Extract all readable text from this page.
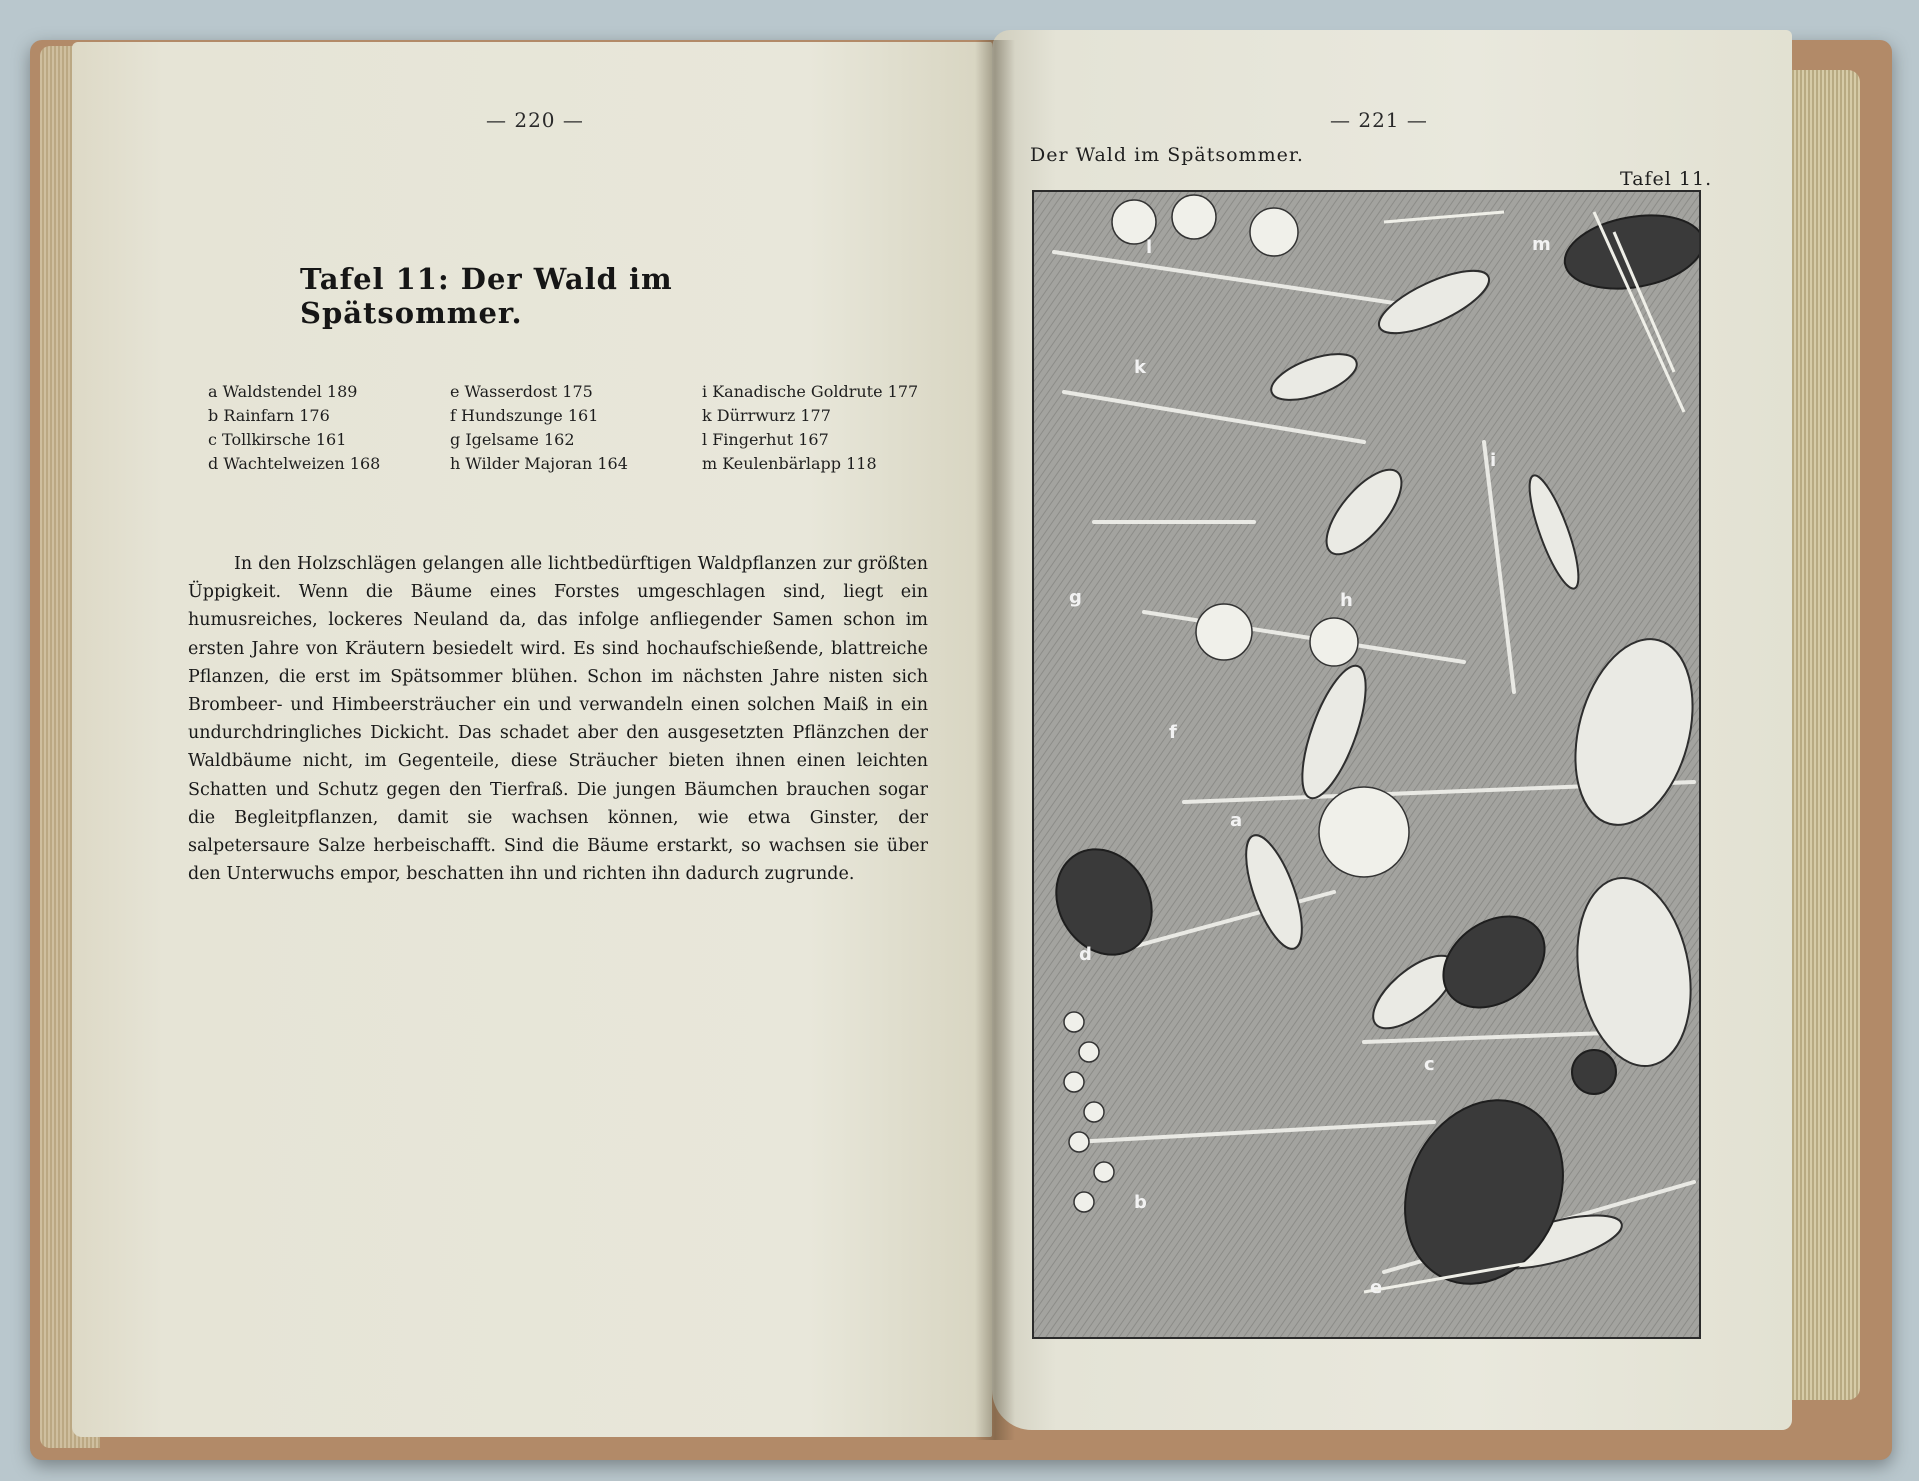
— 220 —
Tafel 11: Der Wald im Spätsommer.
a Waldstendel 189
b Rainfarn 176
c Tollkirsche 161
d Wachtelweizen 168
e Wasserdost 175
f Hundszunge 161
g Igelsame 162
h Wilder Majoran 164
i Kanadische Goldrute 177
k Dürrwurz 177
l Fingerhut 167
m Keulenbärlapp 118

In den Holzschlägen gelangen alle lichtbedürftigen Waldpflanzen zur größten Üppigkeit. Wenn die Bäume eines Forstes umgeschlagen sind, liegt ein humusreiches, lockeres Neuland da, das infolge anfliegender Samen schon im ersten Jahre von Kräutern besiedelt wird. Es sind hochaufschießende, blattreiche Pflanzen, die erst im Spätsommer blühen. Schon im nächsten Jahre nisten sich Brombeer- und Himbeersträucher ein und verwandeln einen solchen Maiß in ein undurchdringliches Dickicht. Das schadet aber den ausgesetzten Pflänzchen der Waldbäume nicht, im Gegenteile, diese Sträucher bieten ihnen einen leichten Schatten und Schutz gegen den Tierfraß. Die jungen Bäumchen brauchen sogar die Begleitpflanzen, damit sie wachsen können, wie etwa Ginster, der salpetersaure Salze herbeischafft. Sind die Bäume erstarkt, so wachsen sie über den Unterwuchs empor, beschatten ihn und richten ihn dadurch zugrunde.

— 221 —
Der Wald im Spätsommer.
Tafel 11.
l	m
k
i
g	h
f
a
d
c
b
e
